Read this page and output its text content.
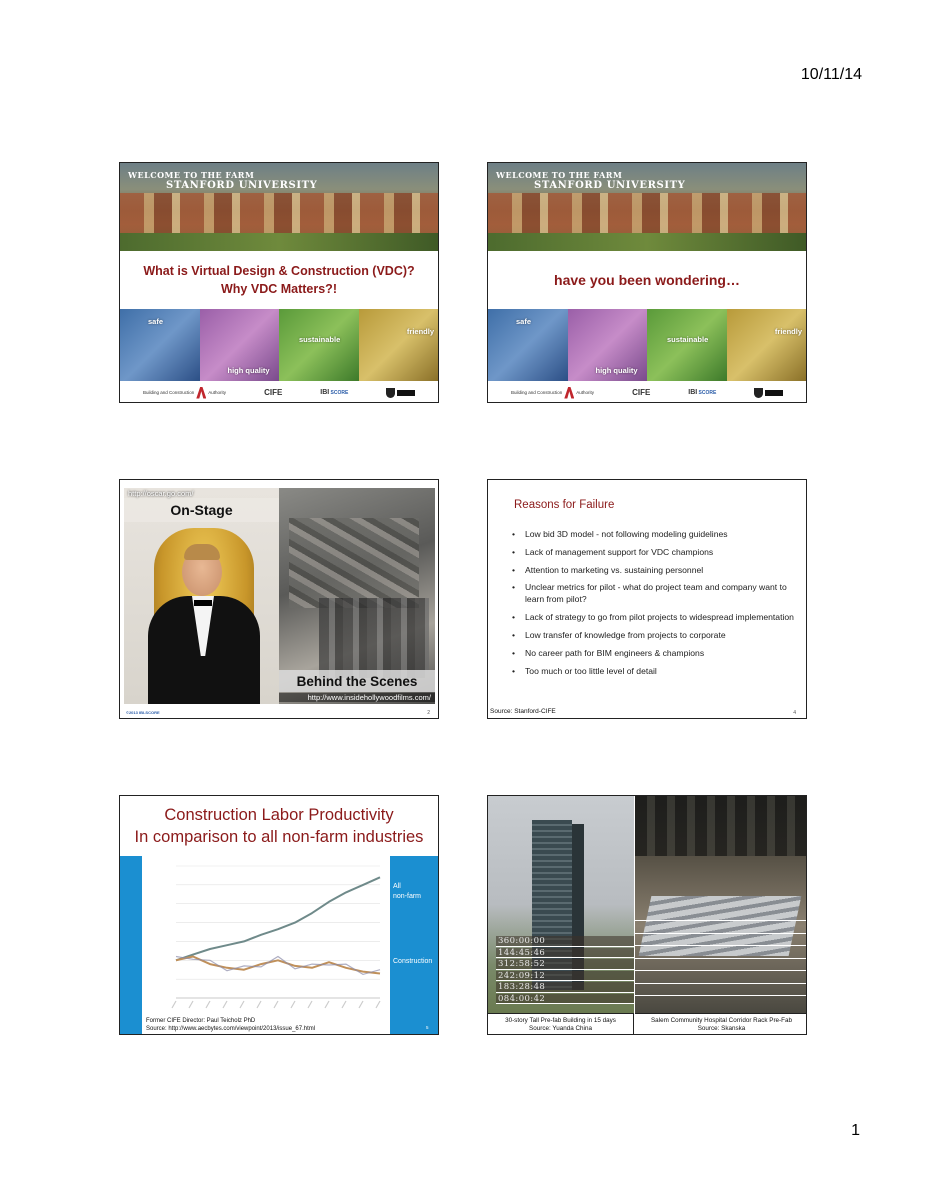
10/11/14
WELCOME TO THE FARM
STANFORD UNIVERSITY
What is Virtual Design & Construction (VDC)?
Why VDC Matters?!
safe
high quality
sustainable
friendly
Building and Construction	Authority	CIFE	IBI SCORE

WELCOME TO THE FARM
STANFORD UNIVERSITY
have you been wondering…
safe
high quality
sustainable
friendly
Building and Construction	Authority	CIFE	IBI SCORE

On-Stage
http://oscar.go.com/
Behind the Scenes
http://www.insidehollywoodfilms.com/
©2013 IBI-SCORE	2
Reasons for Failure
• Low bid 3D model - not following modeling guidelines
• Lack of management support for VDC champions
• Attention to marketing vs. sustaining personnel
• Unclear metrics for pilot - what do project team and company want to learn from pilot?
• Lack of strategy to go from pilot projects to widespread implementation
• Low transfer of knowledge from projects to corporate
• No career path for BIM engineers & champions
• Too much or too little level of detail
Source: Stanford-CIFE	4
Construction Labor Productivity
In comparison to all non-farm industries
All
non-farm
Construction
Former CIFE Director: Paul Teicholz PhD
Source: http://www.aecbytes.com/viewpoint/2013/issue_67.html	5
360:00:00
144:45:46
312:58:52
242:09:12
183:28:48
084:00:42
30-story Tall Pre-fab Building in 15 days
Source: Yuanda China
Salem Community Hospital Corridor Rack Pre-Fab
Source: Skanska
1
